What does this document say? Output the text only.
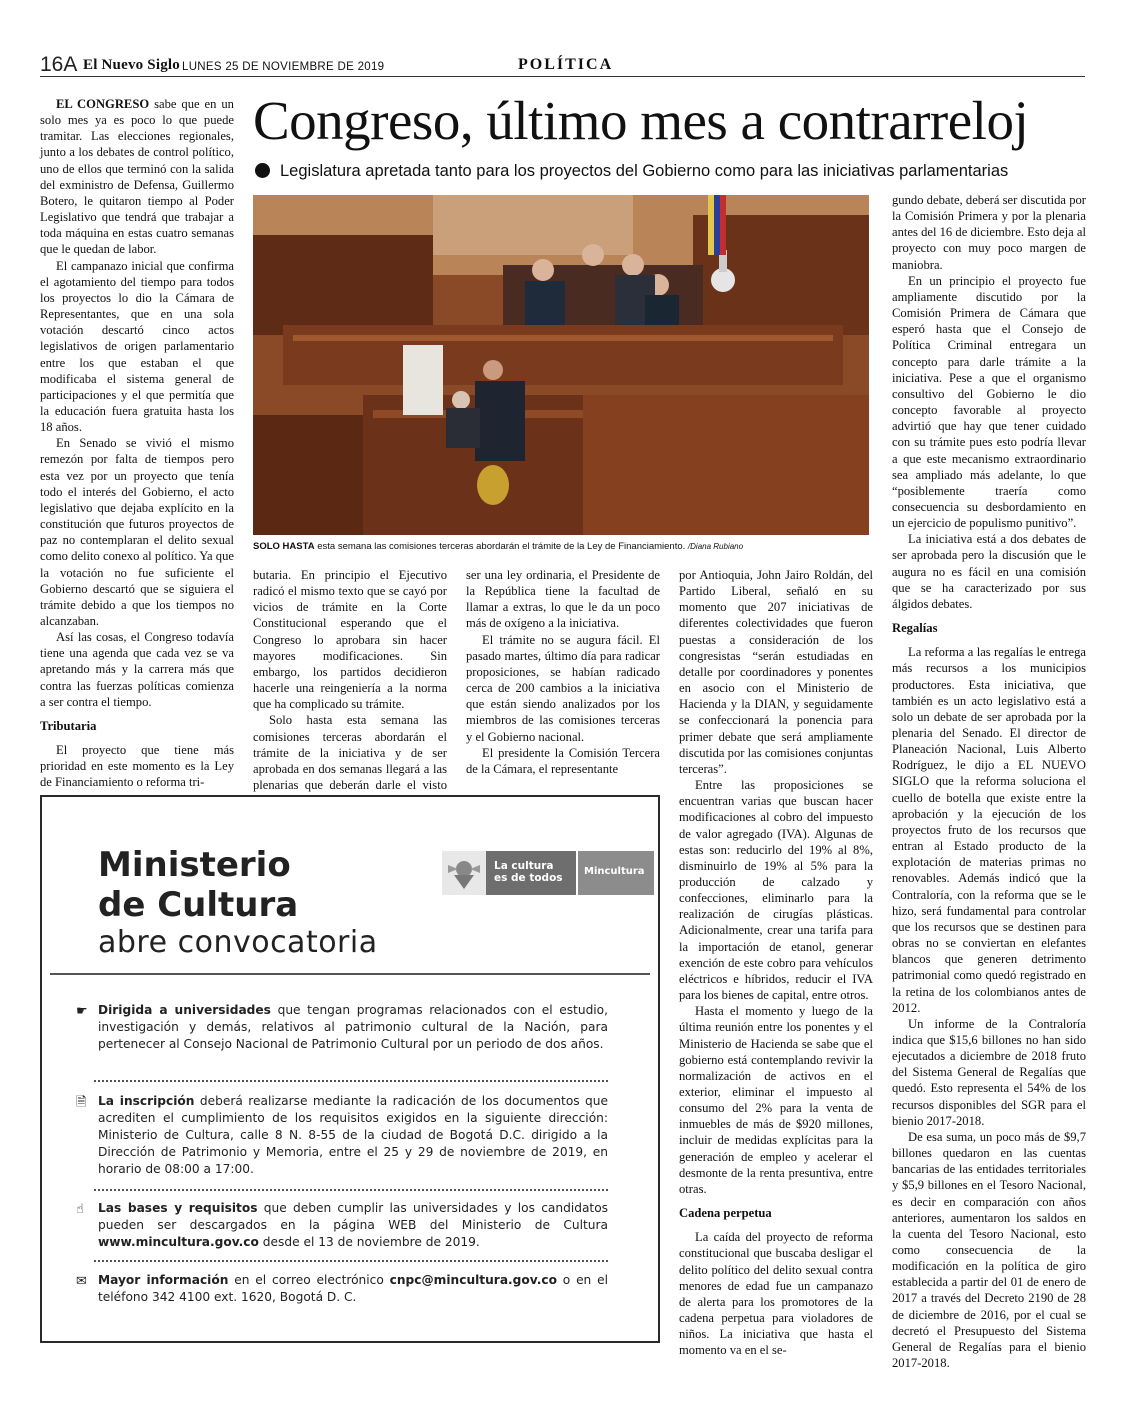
16A El Nuevo Siglo LUNES 25 DE NOVIEMBRE DE 2019	POLÍTICA
Congreso, último mes a contrarreloj
Legislatura apretada tanto para los proyectos del Gobierno como para las iniciativas parlamentarias
SOLO HASTA esta semana las comisiones terceras abordarán el trámite de la Ley de Financiamiento. /Diana Rubiano

EL CONGRESO sabe que en un solo mes ya es poco lo que puede tramitar. Las elecciones regionales, junto a los debates de control político, uno de ellos que terminó con la salida del exministro de Defensa, Guillermo Botero, le quitaron tiempo al Poder Legislativo que tendrá que trabajar a toda máquina en estas cuatro semanas que le quedan de labor.

El campanazo inicial que confirma el agotamiento del tiempo para todos los proyectos lo dio la Cámara de Representantes, que en una sola votación descartó cinco actos legislativos de origen parlamentario entre los que estaban el que modificaba el sistema general de participaciones y el que permitía que la educación fuera gratuita hasta los 18 años.

En Senado se vivió el mismo remezón por falta de tiempos pero esta vez por un proyecto que tenía todo el interés del Gobierno, el acto legislativo que dejaba explícito en la constitución que futuros proyectos de paz no contemplaran el delito sexual como delito conexo al político. Ya que la votación no fue suficiente el Gobierno descartó que se siguiera el trámite debido a que los tiempos no alcanzaban.

Así las cosas, el Congreso todavía tiene una agenda que cada vez se va apretando más y la carrera más que contra las fuerzas políticas comienza a ser contra el tiempo.

Tributaria

El proyecto que tiene más prioridad en este momento es la Ley de Financiamiento o reforma tri-

butaria. En principio el Ejecutivo radicó el mismo texto que se cayó por vicios de trámite en la Corte Constitucional esperando que el Congreso lo aprobara sin hacer mayores modificaciones. Sin embargo, los partidos decidieron hacerle una reingeniería a la norma que ha complicado su trámite.

Solo hasta esta semana las comisiones terceras abordarán el trámite de la iniciativa y de ser aprobada en dos semanas llegará a las plenarias que deberán darle el visto

ser una ley ordinaria, el Presidente de la República tiene la facultad de llamar a extras, lo que le da un poco más de oxígeno a la iniciativa.

El trámite no se augura fácil. El pasado martes, último día para radicar proposiciones, se habían radicado cerca de 200 cambios a la iniciativa que están siendo analizados por los miembros de las comisiones terceras y el Gobierno nacional.

El presidente la Comisión Tercera de la Cámara, el representante

por Antioquia, John Jairo Roldán, del Partido Liberal, señaló en su momento que 207 iniciativas de diferentes colectividades que fueron puestas a consideración de los congresistas “serán estudiadas en detalle por coordinadores y ponentes en asocio con el Ministerio de Hacienda y la DIAN, y seguidamente se confeccionará la ponencia para primer debate que será ampliamente discutida por las comisiones conjuntas terceras”.

Entre las proposiciones se encuentran varias que buscan hacer modificaciones al cobro del impuesto de valor agregado (IVA). Algunas de estas son: reducirlo del 19% al 8%, disminuirlo de 19% al 5% para la producción de calzado y confecciones, eliminarlo para la realización de cirugías plásticas. Adicionalmente, crear una tarifa para la importación de etanol, generar exención de este cobro para vehículos eléctricos e híbridos, reducir el IVA para los bienes de capital, entre otros.

Hasta el momento y luego de la última reunión entre los ponentes y el Ministerio de Hacienda se sabe que el gobierno está contemplando revivir la normalización de activos en el exterior, eliminar el impuesto al consumo del 2% para la venta de inmuebles de más de $920 millones, incluir de medidas explícitas para la generación de empleo y acelerar el desmonte de la renta presuntiva, entre otras.

Cadena perpetua

La caída del proyecto de reforma constitucional que buscaba desligar el delito político del delito sexual contra menores de edad fue un campanazo de alerta para los promotores de la cadena perpetua para violadores de niños. La iniciativa que hasta el momento va en el se-

gundo debate, deberá ser discutida por la Comisión Primera y por la plenaria antes del 16 de diciembre. Esto deja al proyecto con muy poco margen de maniobra.

En un principio el proyecto fue ampliamente discutido por la Comisión Primera de Cámara que esperó hasta que el Consejo de Política Criminal entregara un concepto para darle trámite a la iniciativa. Pese a que el organismo consultivo del Gobierno le dio concepto favorable al proyecto advirtió que hay que tener cuidado con su trámite pues esto podría llevar a que este mecanismo extraordinario sea ampliado más adelante, lo que “posiblemente traería como consecuencia su desbordamiento en un ejercicio de populismo punitivo”.

La iniciativa está a dos debates de ser aprobada pero la discusión que le augura no es fácil en una comisión que se ha caracterizado por sus álgidos debates.

Regalías

La reforma a las regalías le entrega más recursos a los municipios productores. Esta iniciativa, que también es un acto legislativo está a solo un debate de ser aprobada por la plenaria del Senado. El director de Planeación Nacional, Luis Alberto Rodríguez, le dijo a EL NUEVO SIGLO que la reforma soluciona el cuello de botella que existe entre la aprobación y la ejecución de los proyectos fruto de los recursos que entran al Estado producto de la explotación de materias primas no renovables. Además indicó que la Contraloría, con la reforma que se le hizo, será fundamental para controlar que los recursos que se destinen para obras no se conviertan en elefantes blancos que generen detrimento patrimonial como quedó registrado en la retina de los colombianos antes de 2012.

Un informe de la Contraloría indica que $15,6 billones no han sido ejecutados a diciembre de 2018 fruto del Sistema General de Regalías que quedó. Esto representa el 54% de los recursos disponibles del SGR para el bienio 2017-2018.

De esa suma, un poco más de $9,7 billones quedaron en las cuentas bancarias de las entidades territoriales y $5,9 billones en el Tesoro Nacional, es decir en comparación con años anteriores, aumentaron los saldos en la cuenta del Tesoro Nacional, esto como consecuencia de la modificación en la política de giro establecida a partir del 01 de enero de 2017 a través del Decreto 2190 de 28 de diciembre de 2016, por el cual se decretó el Presupuesto del Sistema General de Regalías para el bienio 2017-2018.

Ministerio
de Cultura
abre convocatoria
La cultura
es de todos
Mincultura
☛ Dirigida a universidades que tengan programas relacionados con el estudio, investigación y demás, relativos al patrimonio cultural de la Nación, para pertenecer al Consejo Nacional de Patrimonio Cultural por un periodo de dos años.
🗎 La inscripción deberá realizarse mediante la radicación de los documentos que acrediten el cumplimiento de los requisitos exigidos en la siguiente dirección: Ministerio de Cultura, calle 8 N. 8-55 de la ciudad de Bogotá D.C. dirigido a la Dirección de Patrimonio y Memoria, entre el 25 y 29 de noviembre de 2019, en horario de 08:00 a 17:00.
☝ Las bases y requisitos que deben cumplir las universidades y los candidatos pueden ser descargados en la página WEB del Ministerio de Cultura www.mincultura.gov.co desde el 13 de noviembre de 2019.
✉ Mayor información en el correo electrónico cnpc@mincultura.gov.co o en el teléfono 342 4100 ext. 1620, Bogotá D. C.
